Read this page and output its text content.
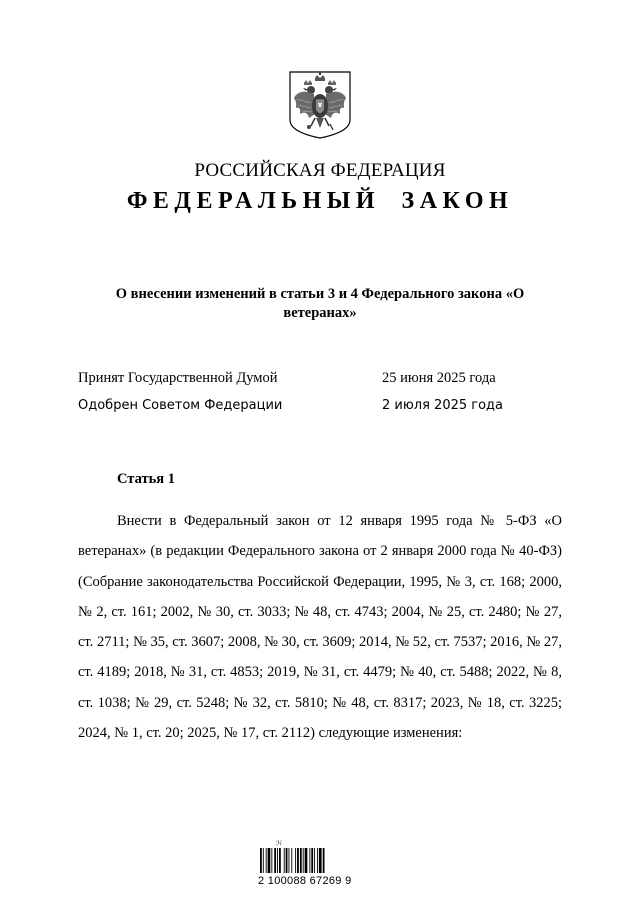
РОССИЙСКАЯ ФЕДЕРАЦИЯ
ФЕДЕРАЛЬНЫЙ ЗАКОН
О внесении изменений в статьи 3 и 4 Федерального закона «О ветеранах»
Принят Государственной Думой	25 июня 2025 года
Одобрен Советом Федерации	2 июля 2025 года
Статья 1

Внести в Федеральный закон от 12 января 1995 года № 5-ФЗ «О ветеранах» (в редакции Федерального закона от 2 января 2000 года № 40-ФЗ) (Собрание законодательства Российской Федерации, 1995, № 3, ст. 168; 2000, № 2, ст. 161; 2002, № 30, ст. 3033; № 48, ст. 4743; 2004, № 25, ст. 2480; № 27, ст. 2711; № 35, ст. 3607; 2008, № 30, ст. 3609; 2014, № 52, ст. 7537; 2016, № 27, ст. 4189; 2018, № 31, ст. 4853; 2019, № 31, ст. 4479; № 40, ст. 5488; 2022, № 8, ст. 1038; № 29, ст. 5248; № 32, ст. 5810; № 48, ст. 8317; 2023, № 18, ст. 3225; 2024, № 1, ст. 20; 2025, № 17, ст. 2112) следующие изменения:

ℋ
2 100088 67269 9
